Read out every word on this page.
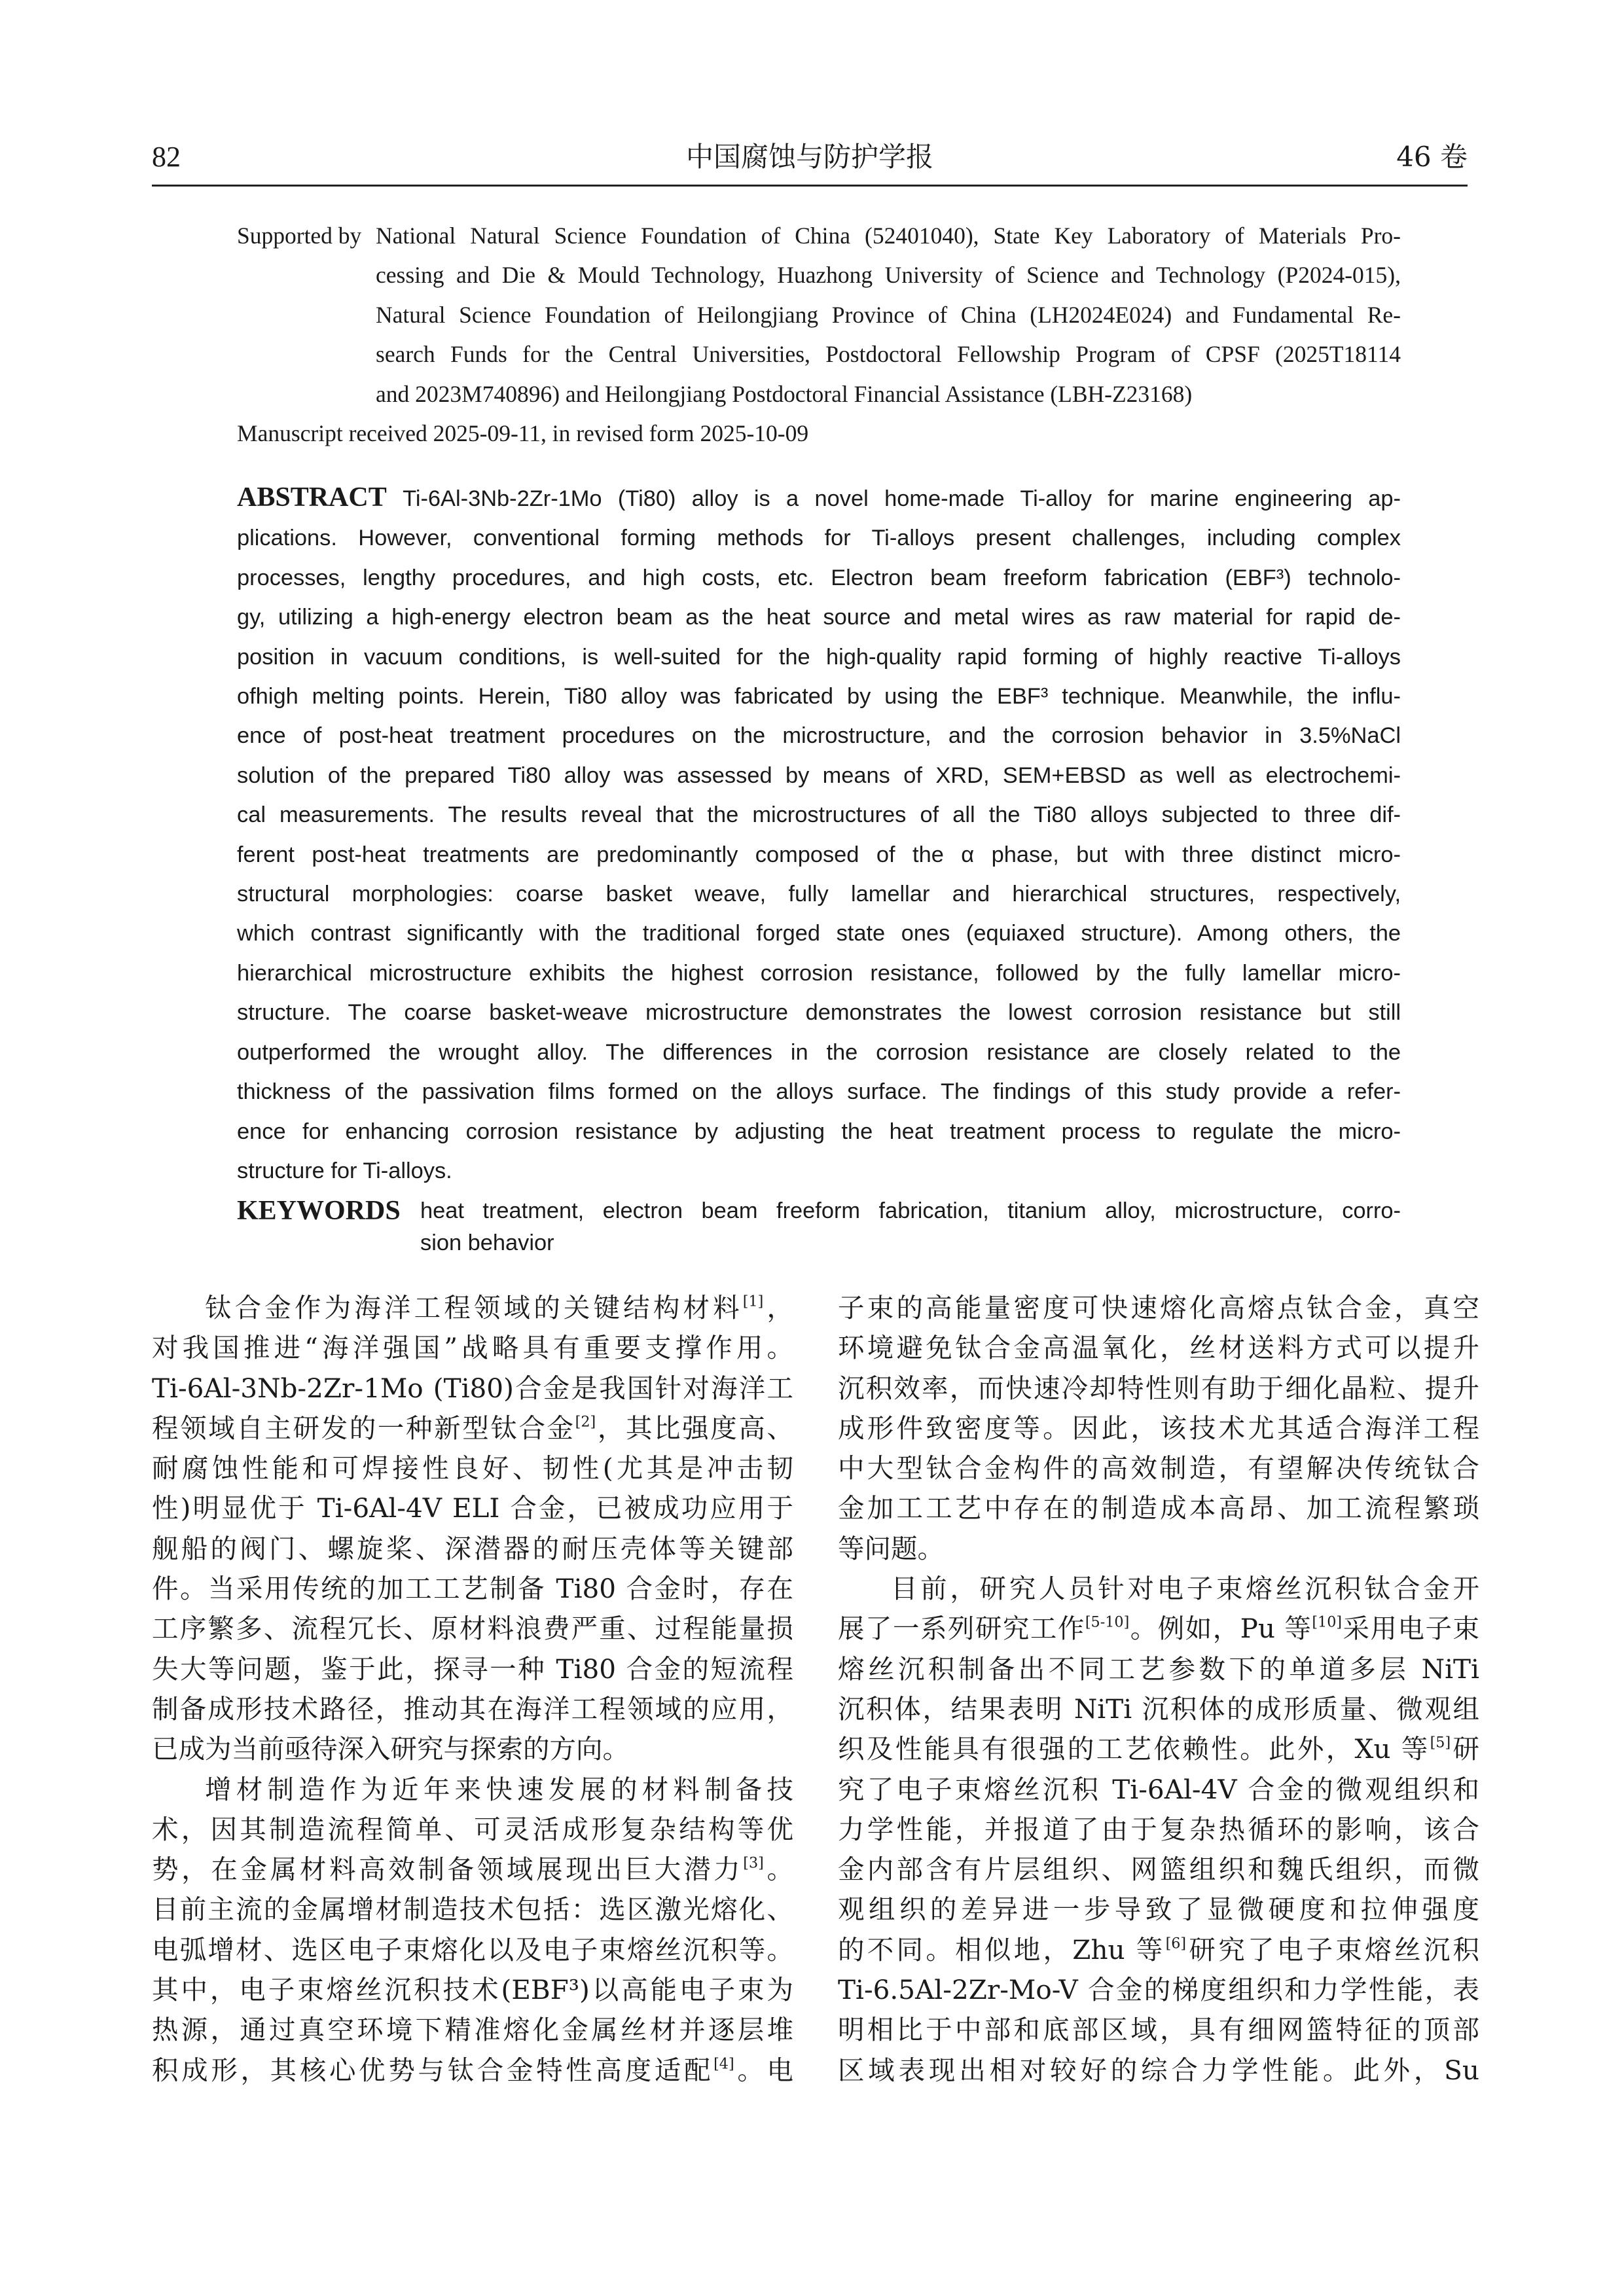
82	中国腐蚀与防护学报	46 卷
Supported by National Natural Science Foundation of China (52401040), State Key Laboratory of Materials Pro-
cessing and Die & Mould Technology, Huazhong University of Science and Technology (P2024-015),
Natural Science Foundation of Heilongjiang Province of China (LH2024E024) and Fundamental Re-
search Funds for the Central Universities, Postdoctoral Fellowship Program of CPSF (2025T18114
and 2023M740896) and Heilongjiang Postdoctoral Financial Assistance (LBH-Z23168)
Manuscript received 2025-09-11, in revised form 2025-10-09
ABSTRACT Ti-6Al-3Nb-2Zr-1Mo (Ti80) alloy is a novel home-made Ti-alloy for marine engineering ap-
plications. However, conventional forming methods for Ti-alloys present challenges, including complex
processes, lengthy procedures, and high costs, etc. Electron beam freeform fabrication (EBF³) technolo-
gy, utilizing a high-energy electron beam as the heat source and metal wires as raw material for rapid de-
position in vacuum conditions, is well-suited for the high-quality rapid forming of highly reactive Ti-alloys
ofhigh melting points. Herein, Ti80 alloy was fabricated by using the EBF³ technique. Meanwhile, the influ-
ence of post-heat treatment procedures on the microstructure, and the corrosion behavior in 3.5%NaCl
solution of the prepared Ti80 alloy was assessed by means of XRD, SEM+EBSD as well as electrochemi-
cal measurements. The results reveal that the microstructures of all the Ti80 alloys subjected to three dif-
ferent post-heat treatments are predominantly composed of the α phase, but with three distinct micro-
structural morphologies: coarse basket weave, fully lamellar and hierarchical structures, respectively,
which contrast significantly with the traditional forged state ones (equiaxed structure). Among others, the
hierarchical microstructure exhibits the highest corrosion resistance, followed by the fully lamellar micro-
structure. The coarse basket-weave microstructure demonstrates the lowest corrosion resistance but still
outperformed the wrought alloy. The differences in the corrosion resistance are closely related to the
thickness of the passivation films formed on the alloys surface. The findings of this study provide a refer-
ence for enhancing corrosion resistance by adjusting the heat treatment process to regulate the micro-
structure for Ti-alloys.
KEYWORDS heat treatment, electron beam freeform fabrication, titanium alloy, microstructure, corro-
sion behavior
钛合金作为海洋工程领域的关键结构材料[1]，
对我国推进“海洋强国”战略具有重要支撑作用。
Ti-6Al-3Nb-2Zr-1Mo (Ti80)合金是我国针对海洋工
程领域自主研发的一种新型钛合金[2]，其比强度高、
耐腐蚀性能和可焊接性良好、韧性(尤其是冲击韧
性)明显优于 Ti-6Al-4V ELI 合金，已被成功应用于
舰船的阀门、螺旋桨、深潜器的耐压壳体等关键部
件。当采用传统的加工工艺制备 Ti80 合金时，存在
工序繁多、流程冗长、原材料浪费严重、过程能量损
失大等问题，鉴于此，探寻一种 Ti80 合金的短流程
制备成形技术路径，推动其在海洋工程领域的应用，
已成为当前亟待深入研究与探索的方向。
增材制造作为近年来快速发展的材料制备技
术，因其制造流程简单、可灵活成形复杂结构等优
势，在金属材料高效制备领域展现出巨大潜力[3]。
目前主流的金属增材制造技术包括：选区激光熔化、
电弧增材、选区电子束熔化以及电子束熔丝沉积等。
其中，电子束熔丝沉积技术(EBF³)以高能电子束为
热源，通过真空环境下精准熔化金属丝材并逐层堆
积成形，其核心优势与钛合金特性高度适配[4]。电
子束的高能量密度可快速熔化高熔点钛合金，真空
环境避免钛合金高温氧化，丝材送料方式可以提升
沉积效率，而快速冷却特性则有助于细化晶粒、提升
成形件致密度等。因此，该技术尤其适合海洋工程
中大型钛合金构件的高效制造，有望解决传统钛合
金加工工艺中存在的制造成本高昂、加工流程繁琐
等问题。
目前，研究人员针对电子束熔丝沉积钛合金开
展了一系列研究工作[5-10]。例如，Pu 等[10]采用电子束
熔丝沉积制备出不同工艺参数下的单道多层 NiTi
沉积体，结果表明 NiTi 沉积体的成形质量、微观组
织及性能具有很强的工艺依赖性。此外，Xu 等[5]研
究了电子束熔丝沉积 Ti-6Al-4V 合金的微观组织和
力学性能，并报道了由于复杂热循环的影响，该合
金内部含有片层组织、网篮组织和魏氏组织，而微
观组织的差异进一步导致了显微硬度和拉伸强度
的不同。相似地，Zhu 等[6]研究了电子束熔丝沉积
Ti-6.5Al-2Zr-Mo-V 合金的梯度组织和力学性能，表
明相比于中部和底部区域，具有细网篮特征的顶部
区域表现出相对较好的综合力学性能。此外，Su
